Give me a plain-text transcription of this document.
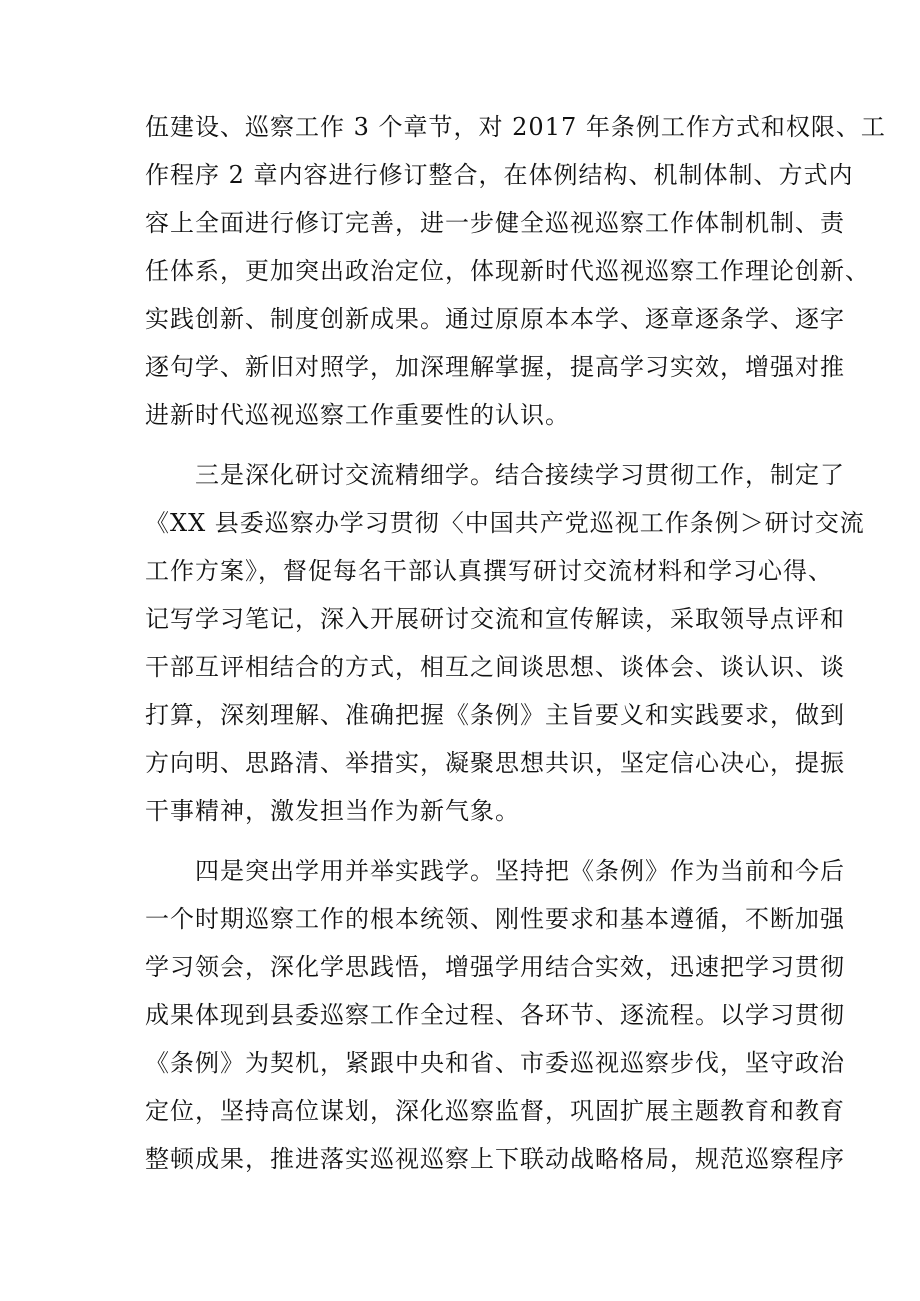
伍建设、巡察工作 3 个章节，对 2017 年条例工作方式和权限、工
作程序 2 章内容进行修订整合，在体例结构、机制体制、方式内
容上全面进行修订完善，进一步健全巡视巡察工作体制机制、责
任体系，更加突出政治定位，体现新时代巡视巡察工作理论创新、
实践创新、制度创新成果。通过原原本本学、逐章逐条学、逐字
逐句学、新旧对照学，加深理解掌握，提高学习实效，增强对推
进新时代巡视巡察工作重要性的认识。
　　三是深化研讨交流精细学。结合接续学习贯彻工作，制定了
《XX 县委巡察办学习贯彻〈中国共产党巡视工作条例＞研讨交流
工作方案》，督促每名干部认真撰写研讨交流材料和学习心得、
记写学习笔记，深入开展研讨交流和宣传解读，采取领导点评和
干部互评相结合的方式，相互之间谈思想、谈体会、谈认识、谈
打算，深刻理解、准确把握《条例》主旨要义和实践要求，做到
方向明、思路清、举措实，凝聚思想共识，坚定信心决心，提振
干事精神，激发担当作为新气象。
　　四是突出学用并举实践学。坚持把《条例》作为当前和今后
一个时期巡察工作的根本统领、刚性要求和基本遵循，不断加强
学习领会，深化学思践悟，增强学用结合实效，迅速把学习贯彻
成果体现到县委巡察工作全过程、各环节、逐流程。以学习贯彻
《条例》为契机，紧跟中央和省、市委巡视巡察步伐，坚守政治
定位，坚持高位谋划，深化巡察监督，巩固扩展主题教育和教育
整顿成果，推进落实巡视巡察上下联动战略格局，规范巡察程序
